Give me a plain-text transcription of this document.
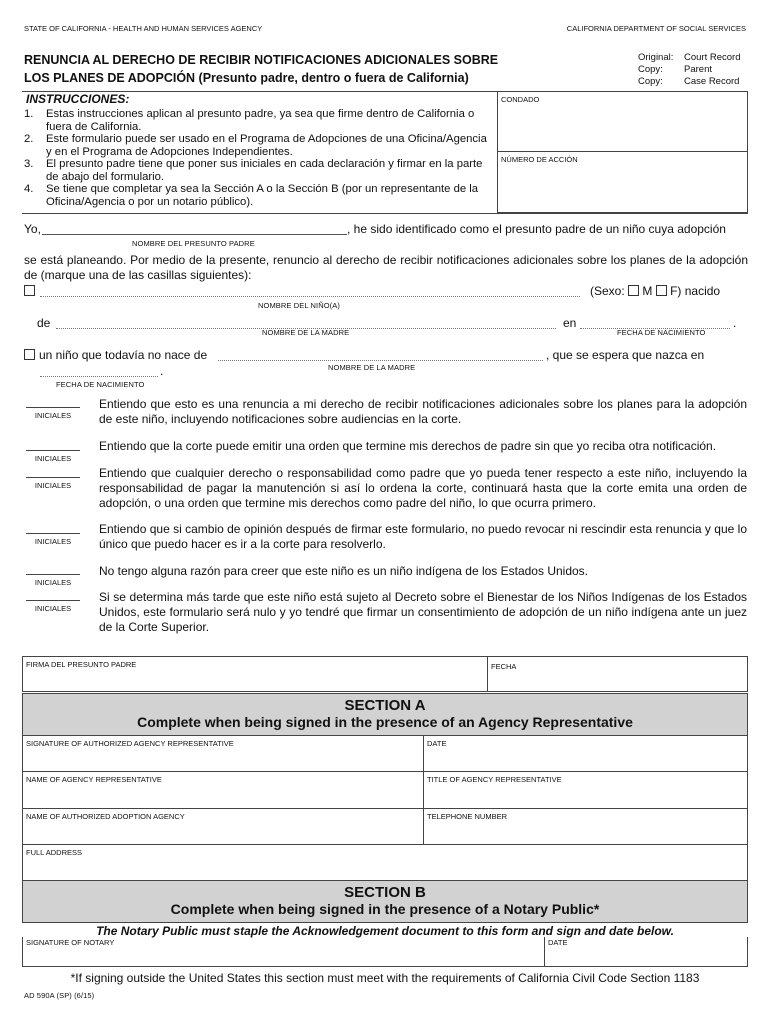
STATE OF CALIFORNIA - HEALTH AND HUMAN SERVICES AGENCY	CALIFORNIA DEPARTMENT OF SOCIAL SERVICES
RENUNCIA AL DERECHO DE RECIBIR NOTIFICACIONES ADICIONALES SOBRE
LOS PLANES DE ADOPCIÓN (Presunto padre, dentro o fuera de California)
Original: Court Record
Copy: Parent
Copy: Case Record
INSTRUCCIONES:
1.	Estas instrucciones aplican al presunto padre, ya sea que firme dentro de California o fuera de California.
2.	Este formulario puede ser usado en el Programa de Adopciones de una Oficina/Agencia y en el Programa de Adopciones Independientes.
3.	El presunto padre tiene que poner sus iniciales en cada declaración y firmar en la parte de abajo del formulario.
4.	Se tiene que completar ya sea la Sección A o la Sección B (por un representante de la Oficina/Agencia o por un notario público).
CONDADO
NÚMERO DE ACCIÓN
Yo,	, he sido identificado como el presunto padre de un niño cuya adopción
NOMBRE DEL PRESUNTO PADRE
se está planeando. Por medio de la presente, renuncio al derecho de recibir notificaciones adicionales sobre los planes de la adopción de (marque una de las casillas siguientes):
(Sexo: M F) nacido
NOMBRE DEL NIÑO(A)
de	en	.
NOMBRE DE LA MADRE	FECHA DE NACIMIENTO
un niño que todavía no nace de	, que se espera que nazca en
NOMBRE DE LA MADRE
.
FECHA DE NACIMIENTO
INICIALES
Entiendo que esto es una renuncia a mi derecho de recibir notificaciones adicionales sobre los planes para la adopción de este niño, incluyendo notificaciones sobre audiencias en la corte.
INICIALES
Entiendo que la corte puede emitir una orden que termine mis derechos de padre sin que yo reciba otra notificación.
INICIALES
Entiendo que cualquier derecho o responsabilidad como padre que yo pueda tener respecto a este niño, incluyendo la responsabilidad de pagar la manutención si así lo ordena la corte, continuará hasta que la corte emita una orden de adopción, o una orden que termine mis derechos como padre del niño, lo que ocurra primero.
INICIALES
Entiendo que si cambio de opinión después de firmar este formulario, no puedo revocar ni rescindir esta renuncia y que lo único que puedo hacer es ir a la corte para resolverlo.
INICIALES
No tengo alguna razón para creer que este niño es un niño indígena de los Estados Unidos.
INICIALES
Si se determina más tarde que este niño está sujeto al Decreto sobre el Bienestar de los Niños Indígenas de los Estados Unidos, este formulario será nulo y yo tendré que firmar un consentimiento de adopción de un niño indígena ante un juez de la Corte Superior.
FIRMA DEL PRESUNTO PADRE	FECHA
SECTION A
Complete when being signed in the presence of an Agency Representative
SIGNATURE OF AUTHORIZED AGENCY REPRESENTATIVE	DATE
NAME OF AGENCY REPRESENTATIVE	TITLE OF AGENCY REPRESENTATIVE
NAME OF AUTHORIZED ADOPTION AGENCY	TELEPHONE NUMBER
FULL ADDRESS
SECTION B
Complete when being signed in the presence of a Notary Public*
The Notary Public must staple the Acknowledgement document to this form and sign and date below.
SIGNATURE OF NOTARY	DATE
*If signing outside the United States this section must meet with the requirements of California Civil Code Section 1183
AD 590A (SP) (6/15)
